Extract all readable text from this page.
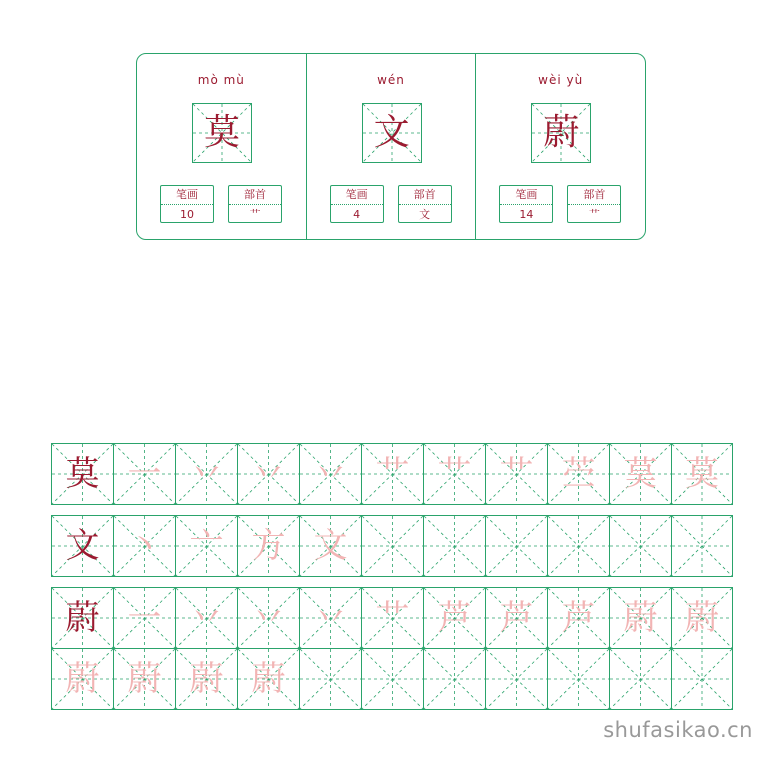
mò mù
莫
笔画
10
部首
艹
wén
文
笔画
4
部首
文
wèi yù
蔚
笔画
14
部首
艹
莫 一 丷 丷 丷 艹 艹 艹 苎 茣 莫
文 丶 亠 方 文
蔚 一 丷 丷 丷 艹 芦 芦 芦 蔚 蔚
蔚 蔚 蔚 蔚
shufasikao.cn
